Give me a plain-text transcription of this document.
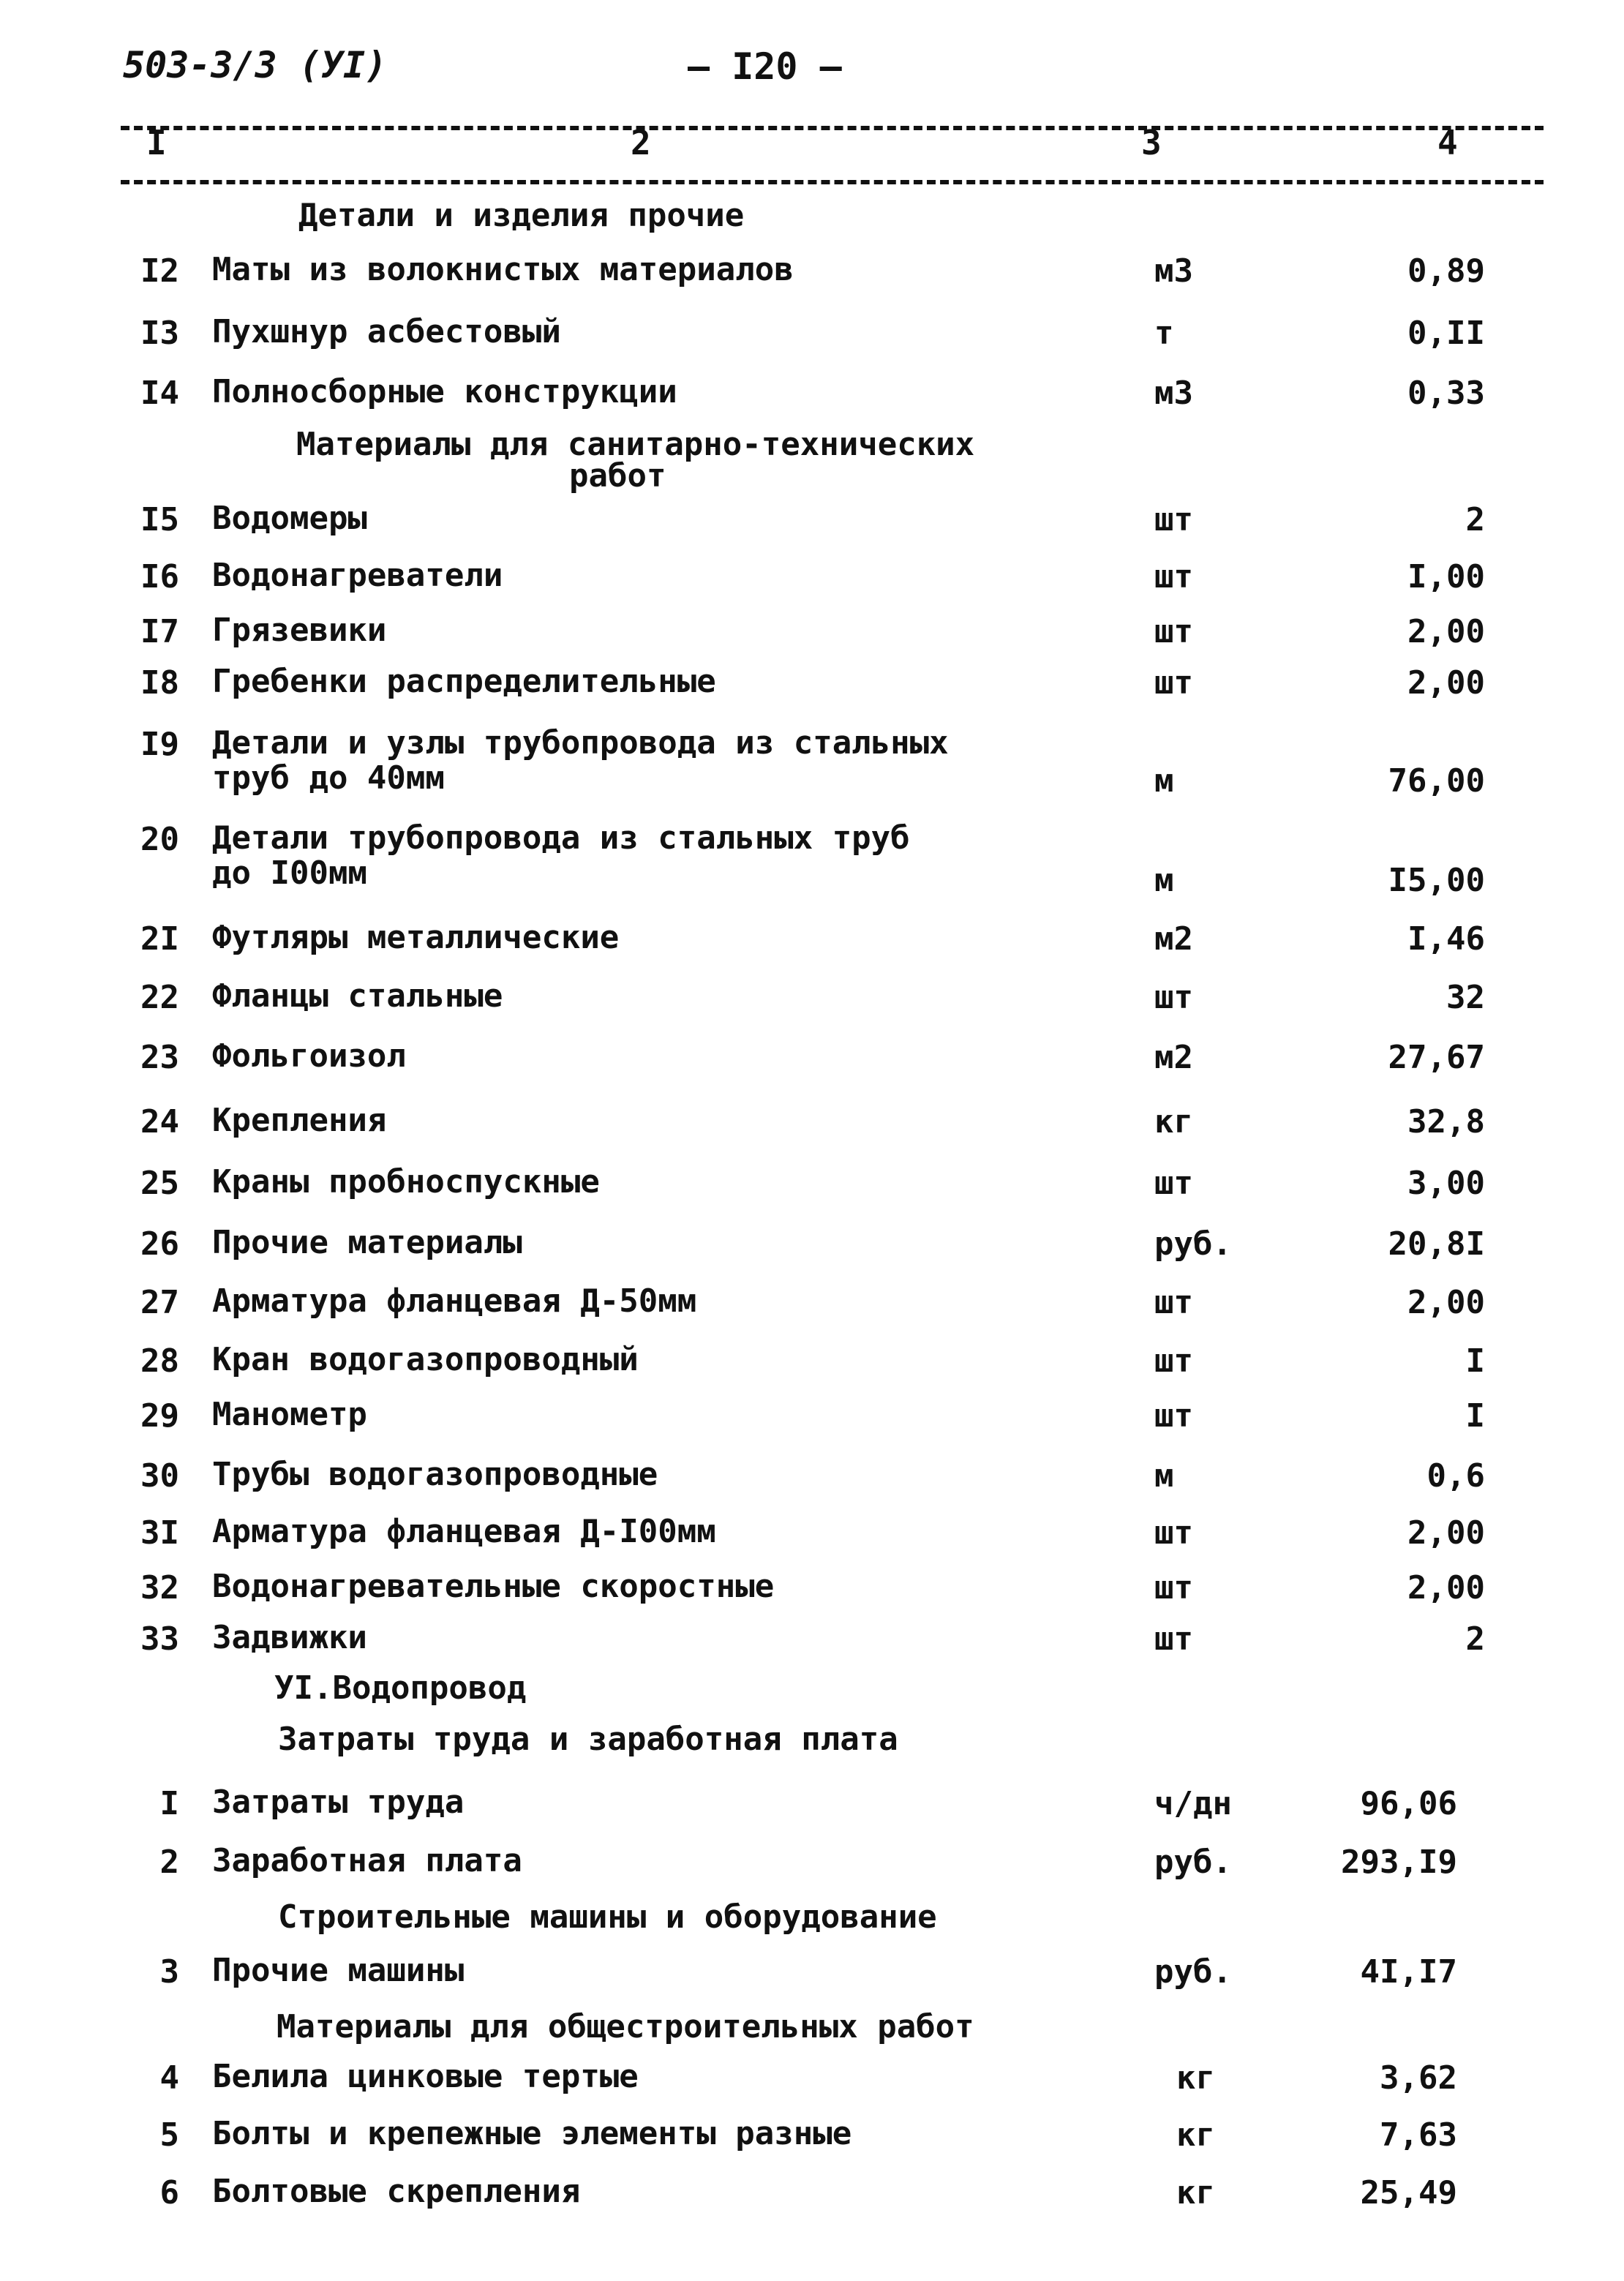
503-3/3 (УI)	– I20 –
I	2	3	4
Детали и изделия прочие
I2 Маты из волокнистых материалов	м3	0,89
I3 Пухшнур асбестовый	т	0,II
I4 Полносборные конструкции	м3	0,33
Материалы для санитарно-технических
работ
I5 Водомеры	шт	2
I6 Водонагреватели	шт	I,00
I7 Грязевики	шт	2,00
I8 Гребенки распределительные	шт	2,00
I9 Детали и узлы трубопровода из стальных
труб до 40мм	м	76,00
20 Детали трубопровода из стальных труб
до I00мм	м	I5,00
2I Футляры металлические	м2	I,46
22 Фланцы стальные	шт	32
23 Фольгоизол	м2	27,67
24 Крепления	кг	32,8
25 Краны пробноспускные	шт	3,00
26 Прочие материалы	руб.	20,8I
27 Арматура фланцевая Д-50мм	шт	2,00
28 Кран водогазопроводный	шт	I
29 Манометр	шт	I
30 Трубы водогазопроводные	м	0,6
3I Арматура фланцевая Д-I00мм	шт	2,00
32 Водонагревательные скоростные	шт	2,00
33 Задвижки	шт	2
УI.Водопровод
Затраты труда и заработная плата
I Затраты труда	ч/дн	96,06
2 Заработная плата	руб.	293,I9
Строительные машины и оборудование
3 Прочие машины	руб.	4I,I7
Материалы для общестроительных работ
4 Белила цинковые тертые	кг	3,62
5 Болты и крепежные элементы разные	кг	7,63
6 Болтовые скрепления	кг	25,49
